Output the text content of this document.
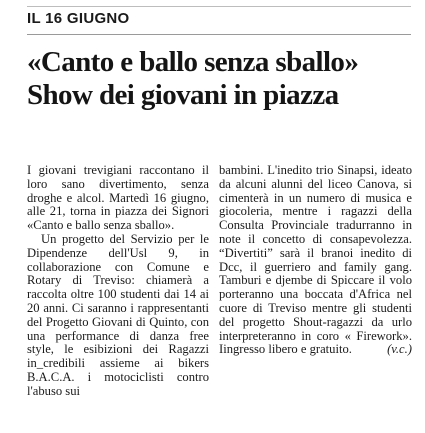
IL 16 GIUGNO
«Canto e ballo senza sballo»
Show dei giovani in piazza

I giovani trevigiani raccontano il loro sano divertimento, senza droghe e alcol. Martedì 16 giugno, alle 21, torna in piazza dei Signori «Canto e ballo senza sballo».

Un progetto del Servizio per le Dipendenze dell'Usl 9, in collaborazione con Comune e Rotary di Treviso: chiamerà a raccolta oltre 100 studenti dai 14 ai 20 anni. Ci saranno i rappresentanti del Progetto Giovani di Quinto, con una performance di danza free style, le esibizioni dei Ragazzi in_credibili assieme ai bikers B.A.C.A. i motociclisti contro l'abuso sui

bambini. L'inedito trio Sinapsi, ideato da alcuni alunni del liceo Canova, si cimenterà in un numero di musica e giocoleria, mentre i ragazzi della Consulta Provinciale tradurranno in note il concetto di consapevolezza. “Divertiti” sarà il branoi inedito di Dcc, il guerriero and family gang. Tamburi e djembe di Spiccare il volo porteranno una boccata d'Africa nel cuore di Treviso mentre gli studenti del progetto Shout-ragazzi da urlo interpreteranno in coro « Firework». Iingresso libero e gratuito.	(v.c.)
